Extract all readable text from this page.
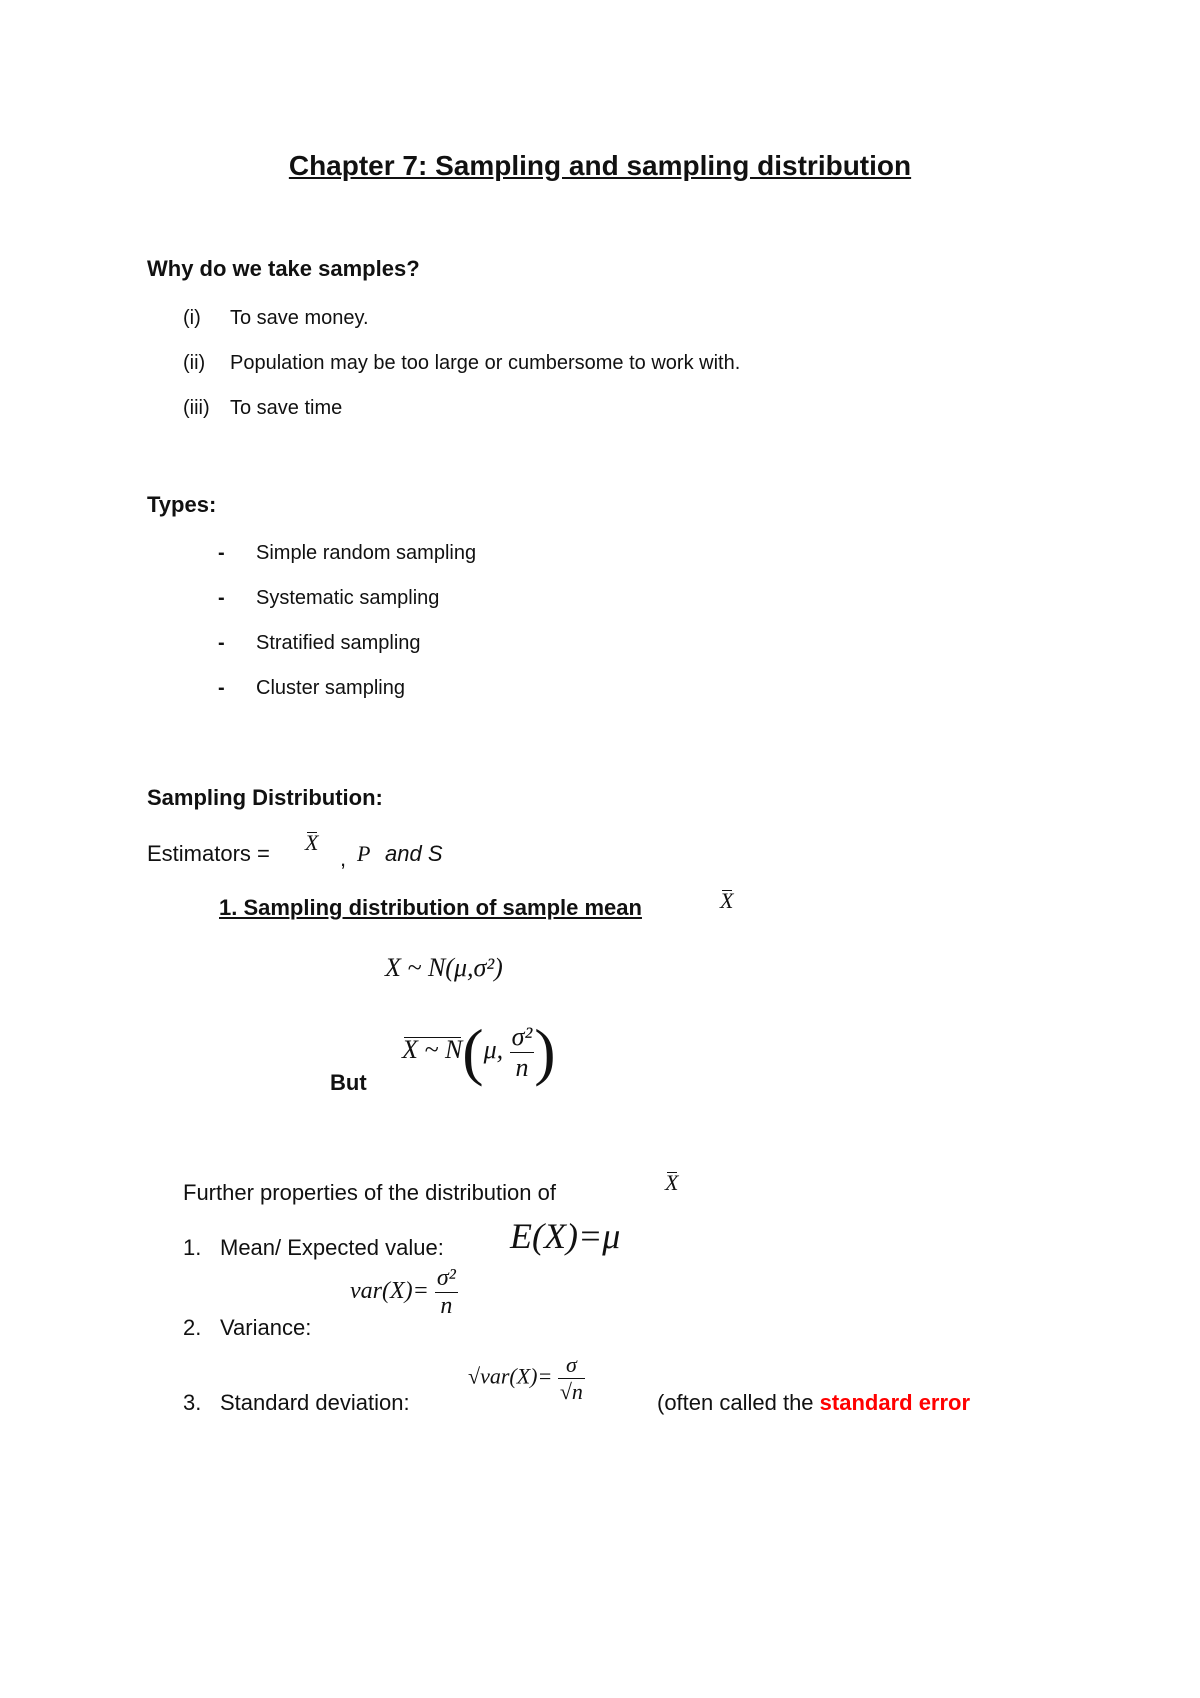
Chapter 7: Sampling and sampling distribution
Why do we take samples?
(i) To save money.
(ii) Population may be too large or cumbersome to work with.
(iii) To save time
Types:
- Simple random sampling
- Systematic sampling
- Stratified sampling
- Cluster sampling
Sampling Distribution:
Estimators = X
, P and S
1. Sampling distribution of sample mean	X
X ~ N(μ,σ²)
But
X ~ N(μ, $\frac{\text{σ²}}{n}$ )
Further properties of the distribution of	X
1. Mean/ Expected value: E(X)=μ
2. Variance:
$var(X)= \frac{\text{σ²}}{n}$
3. Standard deviation:
$√var(X)= \frac{\sigma}{√n}$	(often called the standard error
